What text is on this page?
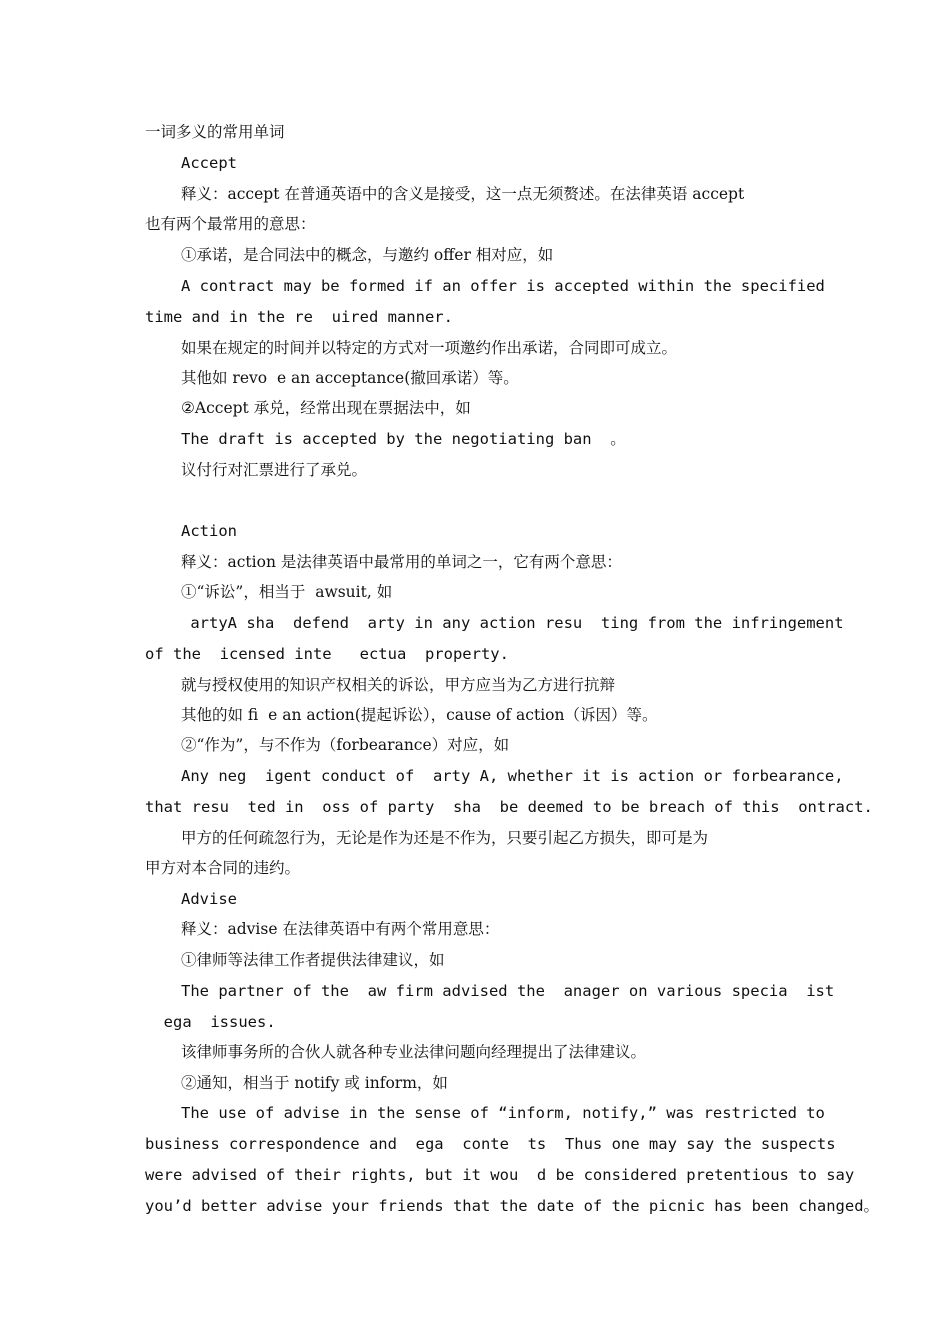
一词多义的常用单词
Accept
释义：accept 在普通英语中的含义是接受，这一点无须赘述。在法律英语 accept
也有两个最常用的意思：
①承诺，是合同法中的概念，与邀约 offer 相对应，如
A contract may be formed if an offer is accepted within the specified
time and in the re  uired manner.
如果在规定的时间并以特定的方式对一项邀约作出承诺，合同即可成立。
其他如 revo  e an acceptance(撤回承诺）等。
②Accept 承兑，经常出现在票据法中，如
The draft is accepted by the negotiating ban  。
议付行对汇票进行了承兑。
Action
释义：action 是法律英语中最常用的单词之一，它有两个意思：
①“诉讼”，相当于  awsuit, 如
artyA sha  defend  arty in any action resu  ting from the infringement
of the  icensed inte   ectua  property.
就与授权使用的知识产权相关的诉讼，甲方应当为乙方进行抗辩
其他的如 fi  e an action(提起诉讼），cause of action（诉因）等。
②“作为”，与不作为（forbearance）对应，如
Any neg  igent conduct of  arty A, whether it is action or forbearance,
that resu  ted in  oss of party  sha  be deemed to be breach of this  ontract.
甲方的任何疏忽行为，无论是作为还是不作为，只要引起乙方损失，即可是为
甲方对本合同的违约。
Advise
释义：advise 在法律英语中有两个常用意思：
①律师等法律工作者提供法律建议，如
The partner of the  aw firm advised the  anager on various specia  ist
ega  issues.
该律师事务所的合伙人就各种专业法律问题向经理提出了法律建议。
②通知，相当于 notify 或 inform，如
The use of advise in the sense of “inform, notify,” was restricted to
business correspondence and  ega  conte  ts  Thus one may say the suspects
were advised of their rights, but it wou  d be considered pretentious to say
you’d better advise your friends that the date of the picnic has been changed。
